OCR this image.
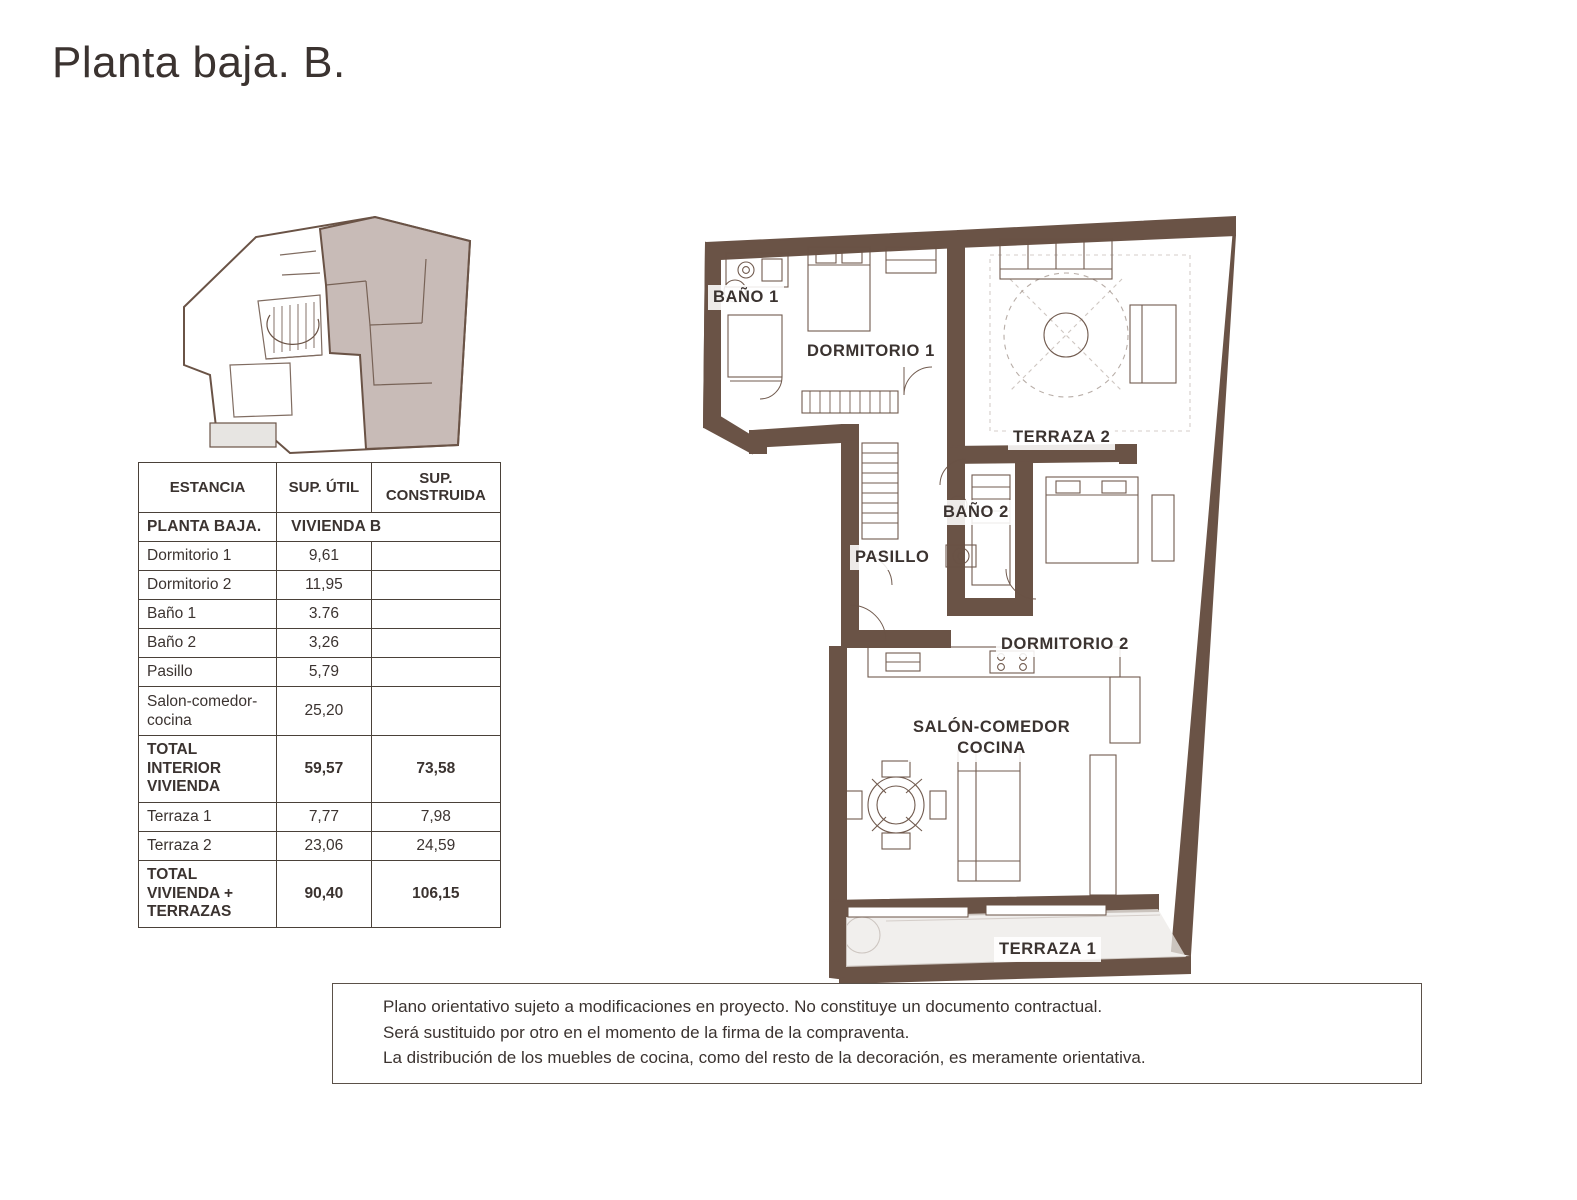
Planta baja. B.
ESTANCIA	SUP. ÚTIL	SUP. CONSTRUIDA
PLANTA BAJA.	VIVIENDA B	
Dormitorio 1	9,61	
Dormitorio 2	11,95	
Baño 1	3.76	
Baño 2	3,26	
Pasillo	5,79	
Salon-comedor-cocina	25,20	
TOTAL INTERIOR VIVIENDA	59,57	73,58
Terraza 1	7,77	7,98
Terraza 2	23,06	24,59
TOTAL VIVIENDA + TERRAZAS	90,40	106,15
BAÑO 1
DORMITORIO 1
TERRAZA 2
BAÑO 2
PASILLO
DORMITORIO 2
SALÓN-COMEDOR
COCINA
TERRAZA 1
Plano orientativo sujeto a modificaciones en proyecto. No constituye un documento contractual.
Será sustituido por otro en el momento de la firma de la compraventa.
La distribución de los muebles de cocina, como del resto de la decoración, es meramente orientativa.
